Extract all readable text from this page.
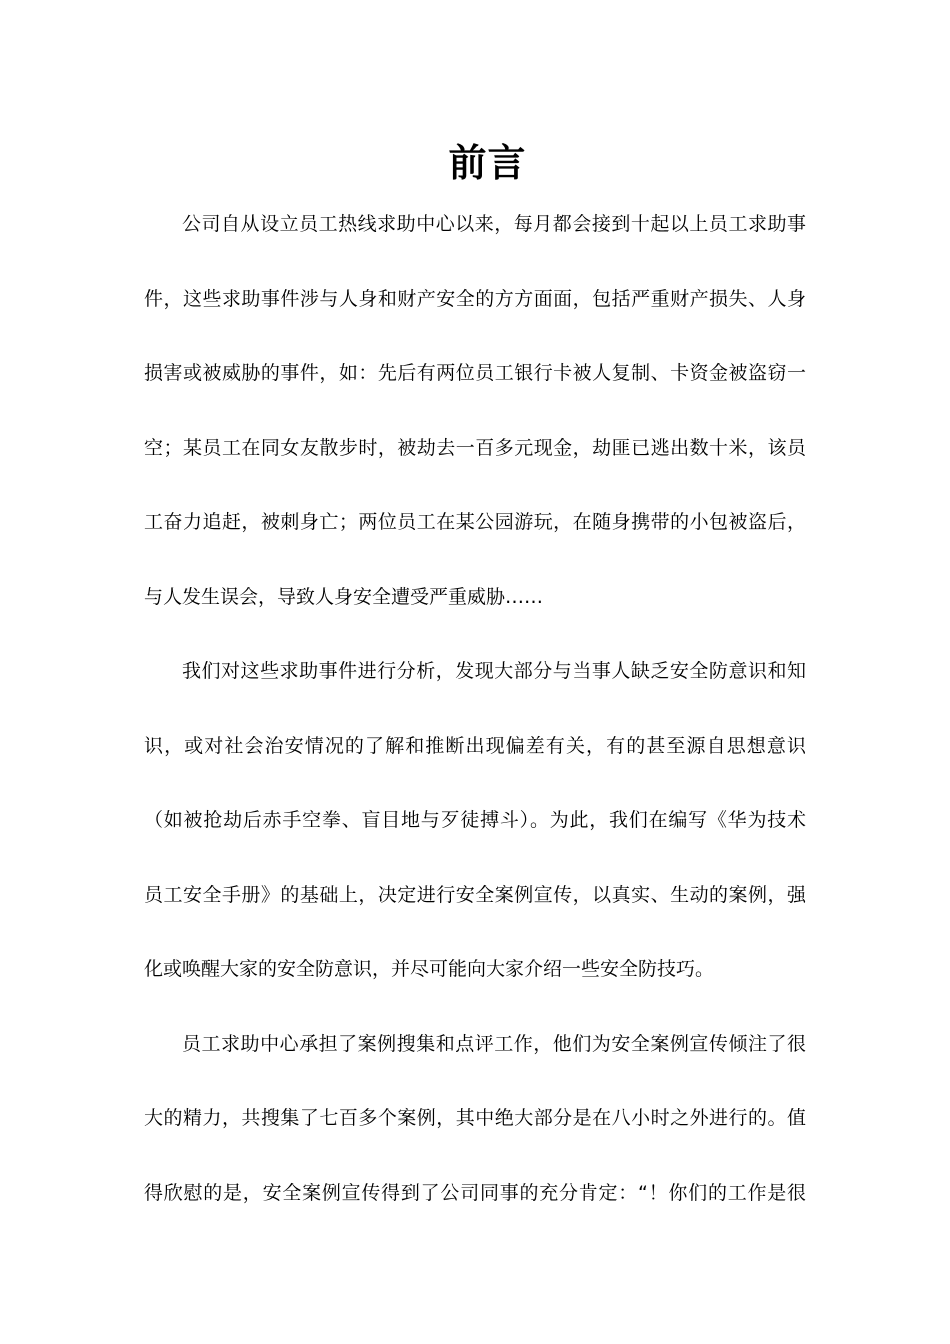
前言
公司自从设立员工热线求助中心以来，每月都会接到十起以上员工求助事
件，这些求助事件涉与人身和财产安全的方方面面，包括严重财产损失、人身
损害或被威胁的事件，如：先后有两位员工银行卡被人复制、卡资金被盗窃一
空；某员工在同女友散步时，被劫去一百多元现金，劫匪已逃出数十米，该员
工奋力追赶，被刺身亡；两位员工在某公园游玩，在随身携带的小包被盗后，
与人发生误会，导致人身安全遭受严重威胁……
我们对这些求助事件进行分析，发现大部分与当事人缺乏安全防意识和知
识，或对社会治安情况的了解和推断出现偏差有关，有的甚至源自思想意识
（如被抢劫后赤手空拳、盲目地与歹徒搏斗）。为此，我们在编写《华为技术
员工安全手册》的基础上，决定进行安全案例宣传，以真实、生动的案例，强
化或唤醒大家的安全防意识，并尽可能向大家介绍一些安全防技巧。
员工求助中心承担了案例搜集和点评工作，他们为安全案例宣传倾注了很
大的精力，共搜集了七百多个案例，其中绝大部分是在八小时之外进行的。值
得欣慰的是，安全案例宣传得到了公司同事的充分肯定：“！你们的工作是很
